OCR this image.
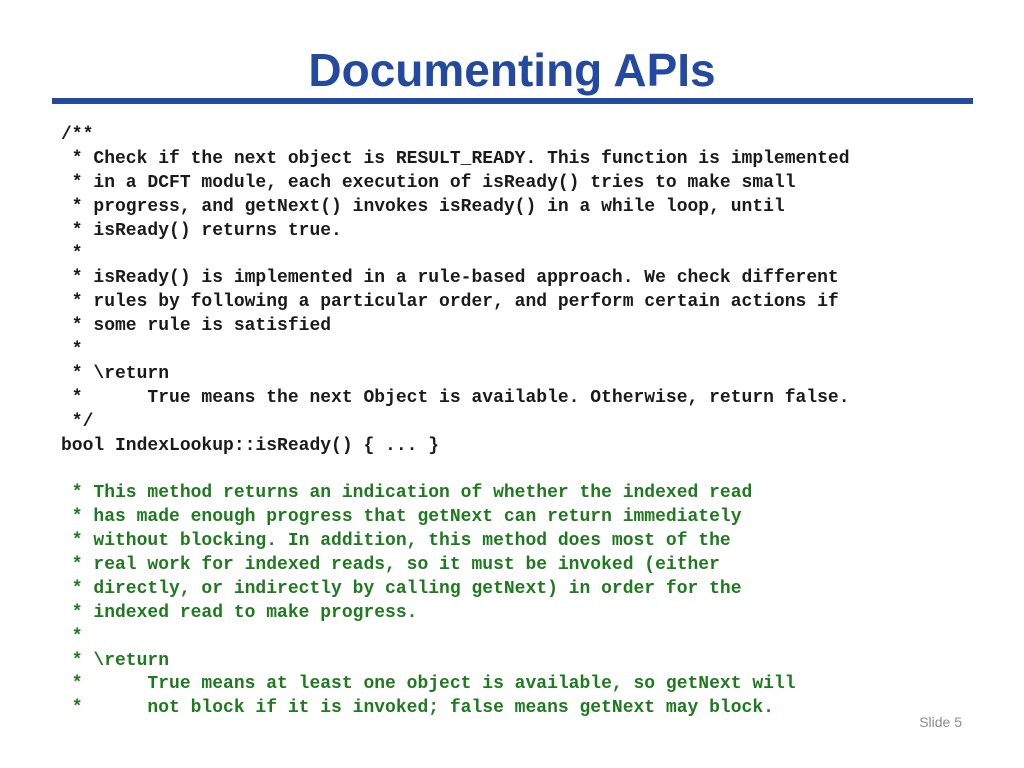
Documenting APIs
/**
* Check if the next object is RESULT_READY. This function is implemented
* in a DCFT module, each execution of isReady() tries to make small
* progress, and getNext() invokes isReady() in a while loop, until
* isReady() returns true.
*
* isReady() is implemented in a rule-based approach. We check different
* rules by following a particular order, and perform certain actions if
* some rule is satisfied
*
* \return
*      True means the next Object is available. Otherwise, return false.
*/
bool IndexLookup::isReady() { ... }
* This method returns an indication of whether the indexed read
* has made enough progress that getNext can return immediately
* without blocking. In addition, this method does most of the
* real work for indexed reads, so it must be invoked (either
* directly, or indirectly by calling getNext) in order for the
* indexed read to make progress.
*
* \return
*      True means at least one object is available, so getNext will
*      not block if it is invoked; false means getNext may block.
Slide 5
